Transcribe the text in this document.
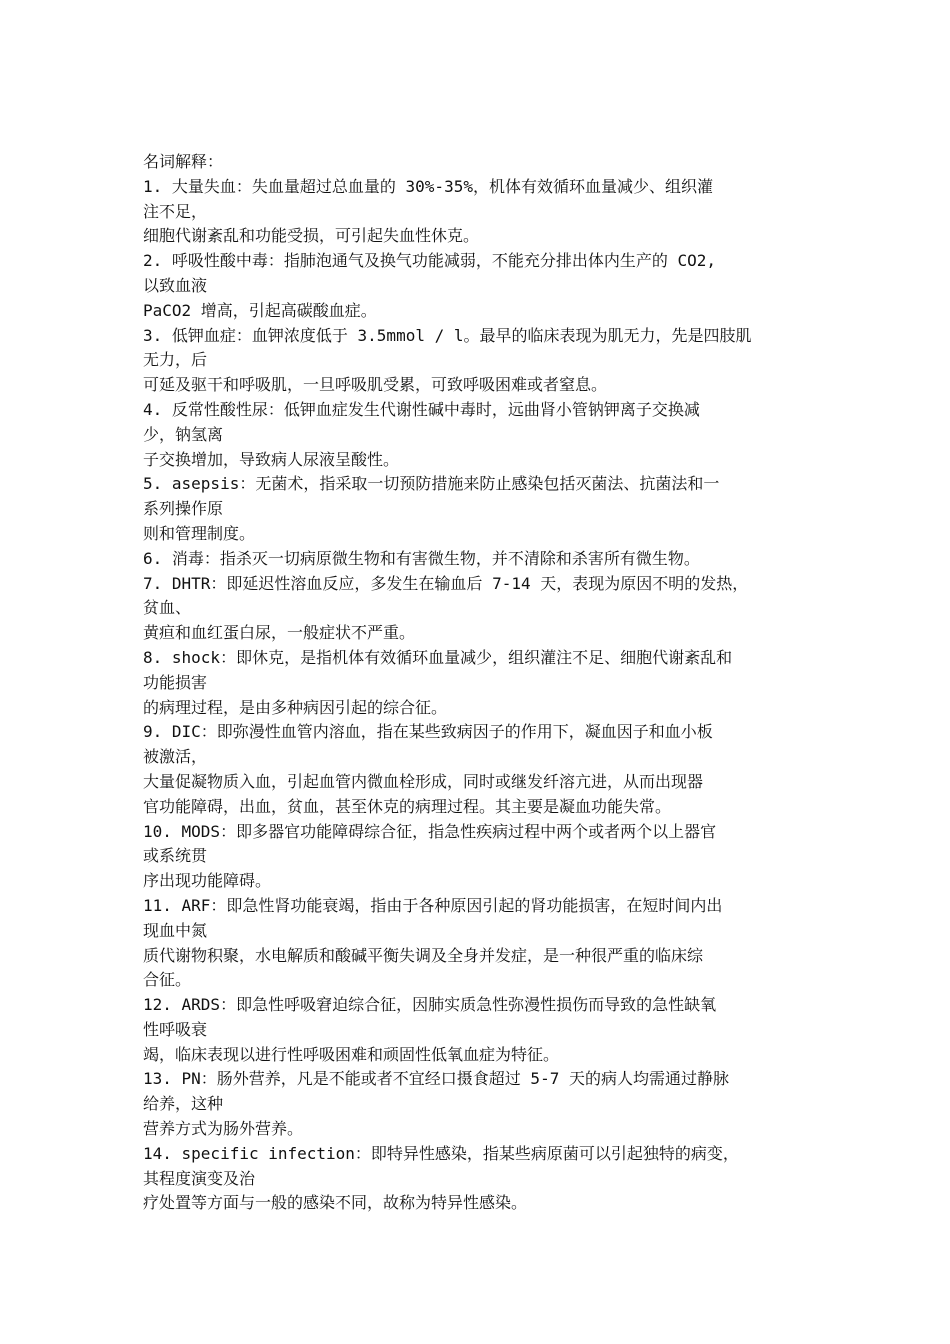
名词解释：
1. 大量失血：失血量超过总血量的 30%-35%，机体有效循环血量减少、组织灌
注不足，
细胞代谢紊乱和功能受损，可引起失血性休克。
2. 呼吸性酸中毒：指肺泡通气及换气功能减弱，不能充分排出体内生产的 CO2,
以致血液
PaCO2 增高，引起高碳酸血症。
3. 低钾血症：血钾浓度低于 3.5mmol / l。最早的临床表现为肌无力，先是四肢肌
无力，后
可延及驱干和呼吸肌，一旦呼吸肌受累，可致呼吸困难或者窒息。
4. 反常性酸性尿：低钾血症发生代谢性碱中毒时，远曲肾小管钠钾离子交换减
少，钠氢离
子交换增加，导致病人尿液呈酸性。
5. asepsis：无菌术，指采取一切预防措施来防止感染包括灭菌法、抗菌法和一
系列操作原
则和管理制度。
6. 消毒：指杀灭一切病原微生物和有害微生物，并不清除和杀害所有微生物。
7. DHTR：即延迟性溶血反应，多发生在输血后 7-14 天，表现为原因不明的发热，
贫血、
黄疸和血红蛋白尿，一般症状不严重。
8. shock：即休克，是指机体有效循环血量减少，组织灌注不足、细胞代谢紊乱和
功能损害
的病理过程，是由多种病因引起的综合征。
9. DIC：即弥漫性血管内溶血，指在某些致病因子的作用下，凝血因子和血小板
被激活，
大量促凝物质入血，引起血管内微血栓形成，同时或继发纤溶亢进，从而出现器
官功能障碍，出血，贫血，甚至休克的病理过程。其主要是凝血功能失常。
10. MODS：即多器官功能障碍综合征，指急性疾病过程中两个或者两个以上器官
或系统贯
序出现功能障碍。
11. ARF：即急性肾功能衰竭，指由于各种原因引起的肾功能损害，在短时间内出
现血中氮
质代谢物积聚，水电解质和酸碱平衡失调及全身并发症，是一种很严重的临床综
合征。
12. ARDS：即急性呼吸窘迫综合征，因肺实质急性弥漫性损伤而导致的急性缺氧
性呼吸衰
竭，临床表现以进行性呼吸困难和顽固性低氧血症为特征。
13. PN：肠外营养，凡是不能或者不宜经口摄食超过 5-7 天的病人均需通过静脉
给养，这种
营养方式为肠外营养。
14. specific infection：即特异性感染，指某些病原菌可以引起独特的病变，
其程度演变及治
疗处置等方面与一般的感染不同，故称为特异性感染。
